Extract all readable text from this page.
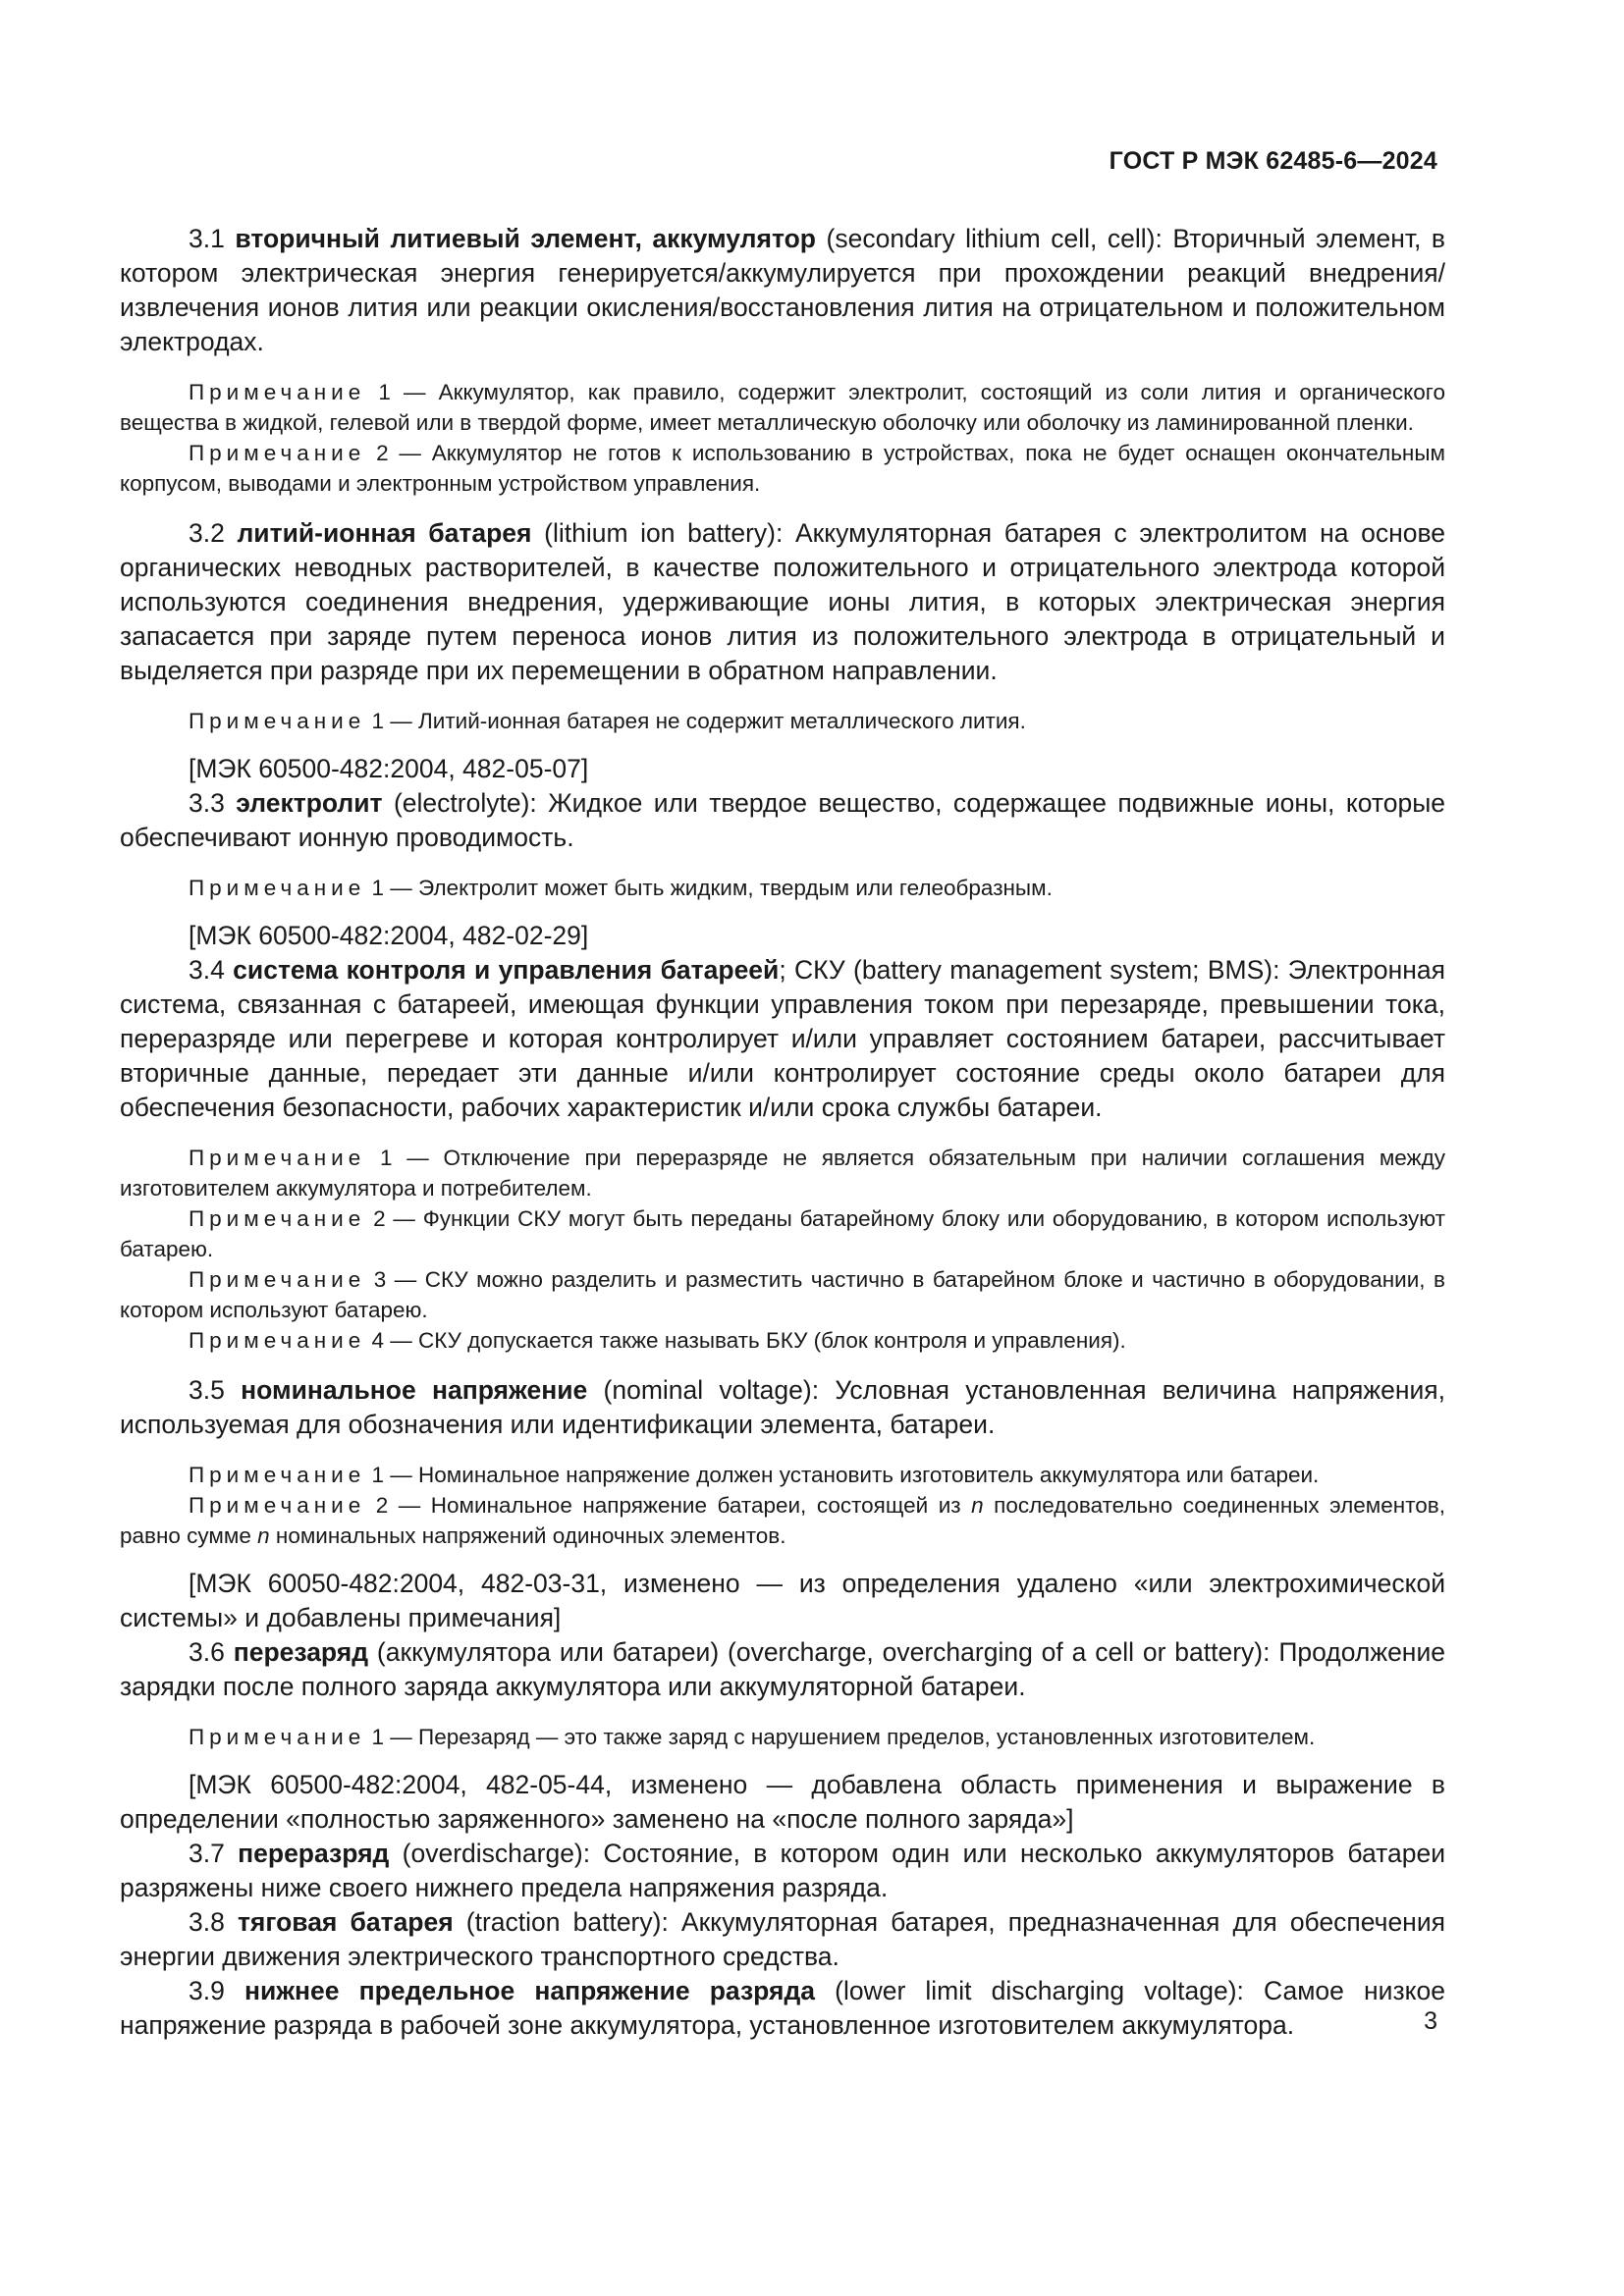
ГОСТ Р МЭК 62485-6—2024

3.1 вторичный литиевый элемент, аккумулятор (secondary lithium cell, cell): Вторичный элемент, в котором электрическая энергия генерируется/аккумулируется при прохождении реакций внедрения/извлечения ионов лития или реакции окисления/восстановления лития на отрицательном и положительном электродах.

Примечание 1 — Аккумулятор, как правило, содержит электролит, состоящий из соли лития и органического вещества в жидкой, гелевой или в твердой форме, имеет металлическую оболочку или оболочку из ламинированной пленки.

Примечание 2 — Аккумулятор не готов к использованию в устройствах, пока не будет оснащен окончательным корпусом, выводами и электронным устройством управления.

3.2 литий-ионная батарея (lithium ion battery): Аккумуляторная батарея с электролитом на основе органических неводных растворителей, в качестве положительного и отрицательного электрода которой используются соединения внедрения, удерживающие ионы лития, в которых электрическая энергия запасается при заряде путем переноса ионов лития из положительного электрода в отрицательный и выделяется при разряде при их перемещении в обратном направлении.

Примечание 1 — Литий-ионная батарея не содержит металлического лития.

[МЭК 60500-482:2004, 482-05-07]

3.3 электролит (electrolyte): Жидкое или твердое вещество, содержащее подвижные ионы, которые обеспечивают ионную проводимость.

Примечание 1 — Электролит может быть жидким, твердым или гелеобразным.

[МЭК 60500-482:2004, 482-02-29]

3.4 система контроля и управления батареей; СКУ (battery management system; BMS): Электронная система, связанная с батареей, имеющая функции управления током при перезаряде, превышении тока, переразряде или перегреве и которая контролирует и/или управляет состоянием батареи, рассчитывает вторичные данные, передает эти данные и/или контролирует состояние среды около батареи для обеспечения безопасности, рабочих характеристик и/или срока службы батареи.

Примечание 1 — Отключение при переразряде не является обязательным при наличии соглашения между изготовителем аккумулятора и потребителем.

Примечание 2 — Функции СКУ могут быть переданы батарейному блоку или оборудованию, в котором используют батарею.

Примечание 3 — СКУ можно разделить и разместить частично в батарейном блоке и частично в оборудовании, в котором используют батарею.

Примечание 4 — СКУ допускается также называть БКУ (блок контроля и управления).

3.5 номинальное напряжение (nominal voltage): Условная установленная величина напряжения, используемая для обозначения или идентификации элемента, батареи.

Примечание 1 — Номинальное напряжение должен установить изготовитель аккумулятора или батареи.

Примечание 2 — Номинальное напряжение батареи, состоящей из n последовательно соединенных элементов, равно сумме n номинальных напряжений одиночных элементов.

[МЭК 60050-482:2004, 482-03-31, изменено — из определения удалено «или электрохимической системы» и добавлены примечания]

3.6 перезаряд (аккумулятора или батареи) (overcharge, overcharging of a cell or battery): Продолжение зарядки после полного заряда аккумулятора или аккумуляторной батареи.

Примечание 1 — Перезаряд — это также заряд с нарушением пределов, установленных изготовителем.

[МЭК 60500-482:2004, 482-05-44, изменено — добавлена область применения и выражение в определении «полностью заряженного» заменено на «после полного заряда»]

3.7 переразряд (overdischarge): Состояние, в котором один или несколько аккумуляторов батареи разряжены ниже своего нижнего предела напряжения разряда.

3.8 тяговая батарея (traction battery): Аккумуляторная батарея, предназначенная для обеспечения энергии движения электрического транспортного средства.

3.9 нижнее предельное напряжение разряда (lower limit discharging voltage): Самое низкое напряжение разряда в рабочей зоне аккумулятора, установленное изготовителем аккумулятора.	3
